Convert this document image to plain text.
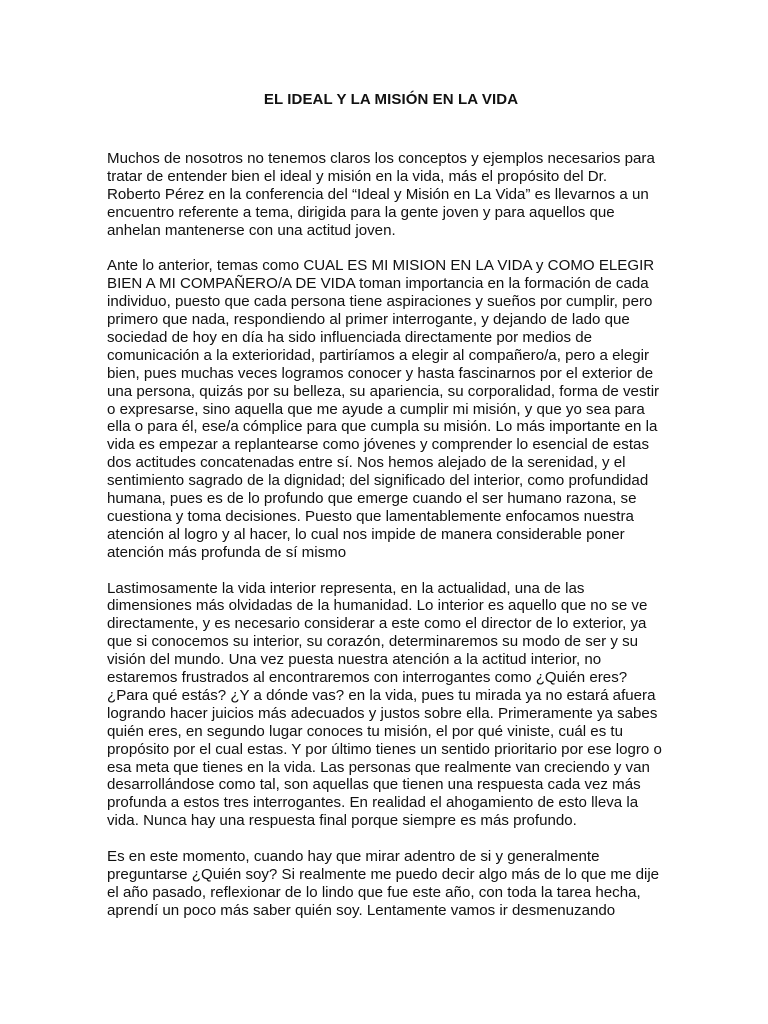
EL IDEAL Y LA MISIÓN EN LA VIDA
Muchos de nosotros no tenemos claros los conceptos y ejemplos necesarios para
tratar de entender bien el ideal y misión en la vida, más el propósito del Dr.
Roberto Pérez en la conferencia del “Ideal y Misión en La Vida” es llevarnos a un
encuentro referente a tema, dirigida para la gente joven y para aquellos que
anhelan mantenerse con una actitud joven.
Ante lo anterior, temas como CUAL ES MI MISION EN LA VIDA y COMO ELEGIR
BIEN A MI COMPAÑERO/A DE VIDA toman importancia en la formación de cada
individuo, puesto que cada persona tiene aspiraciones y sueños por cumplir, pero
primero que nada, respondiendo al primer interrogante, y dejando de lado que
sociedad de hoy en día ha sido influenciada directamente por medios de
comunicación a la exterioridad, partiríamos a elegir al compañero/a, pero a elegir
bien, pues muchas veces logramos conocer y hasta fascinarnos por el exterior de
una persona, quizás por su belleza, su apariencia, su corporalidad, forma de vestir
o expresarse, sino aquella que me ayude a cumplir mi misión, y que yo sea para
ella o para él, ese/a cómplice para que cumpla su misión. Lo más importante en la
vida es empezar a replantearse como jóvenes y comprender lo esencial de estas
dos actitudes concatenadas entre sí. Nos hemos alejado de la serenidad, y el
sentimiento sagrado de la dignidad; del significado del interior, como profundidad
humana, pues es de lo profundo que emerge cuando el ser humano razona, se
cuestiona y toma decisiones. Puesto que lamentablemente enfocamos nuestra
atención al logro y al hacer, lo cual nos impide de manera considerable poner
atención más profunda de sí mismo
Lastimosamente la vida interior representa, en la actualidad, una de las
dimensiones más olvidadas de la humanidad. Lo interior es aquello que no se ve
directamente, y es necesario considerar a este como el director de lo exterior, ya
que si conocemos su interior, su corazón, determinaremos su modo de ser y su
visión del mundo. Una vez puesta nuestra atención a la actitud interior, no
estaremos frustrados al encontraremos con interrogantes como ¿Quién eres?
¿Para qué estás? ¿Y a dónde vas? en la vida, pues tu mirada ya no estará afuera
logrando hacer juicios más adecuados y justos sobre ella. Primeramente ya sabes
quién eres, en segundo lugar conoces tu misión, el por qué viniste, cuál es tu
propósito por el cual estas. Y por último tienes un sentido prioritario por ese logro o
esa meta que tienes en la vida. Las personas que realmente van creciendo y van
desarrollándose como tal, son aquellas que tienen una respuesta cada vez más
profunda a estos tres interrogantes. En realidad el ahogamiento de esto lleva la
vida. Nunca hay una respuesta final porque siempre es más profundo.
Es en este momento, cuando hay que mirar adentro de si y generalmente
preguntarse ¿Quién soy? Si realmente me puedo decir algo más de lo que me dije
el año pasado, reflexionar de lo lindo que fue este año, con toda la tarea hecha,
aprendí un poco más saber quién soy. Lentamente vamos ir desmenuzando
